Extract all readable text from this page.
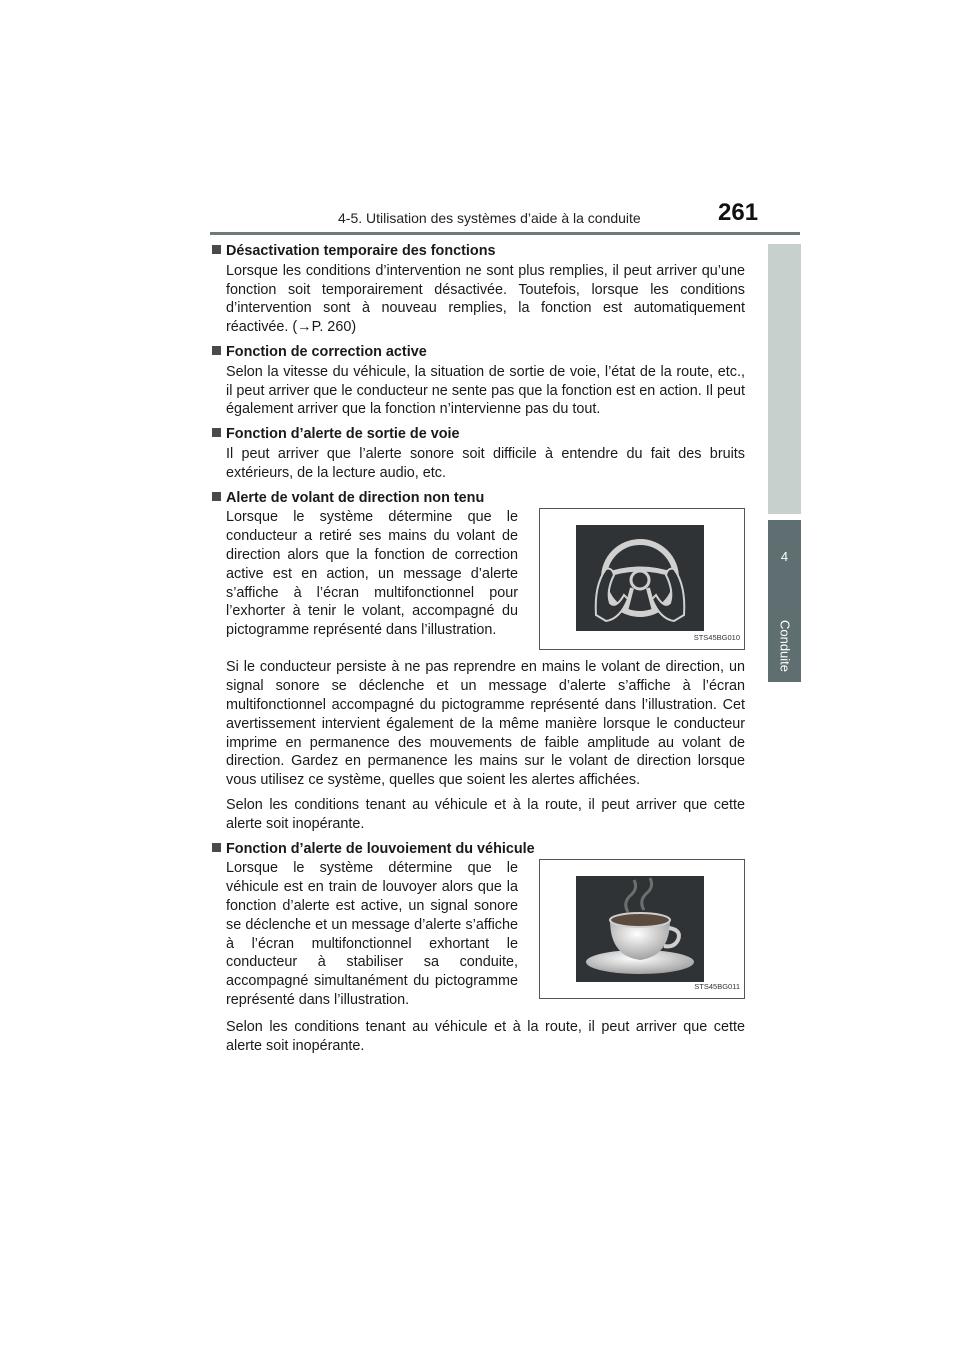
4-5. Utilisation des systèmes d’aide à la conduite	261
4
Conduite
Désactivation temporaire des fonctions

Lorsque les conditions d’intervention ne sont plus remplies, il peut arriver qu’une fonction soit temporairement désactivée. Toutefois, lorsque les conditions d’intervention sont à nouveau remplies, la fonction est automatiquement réactivée. (→P. 260)

Fonction de correction active

Selon la vitesse du véhicule, la situation de sortie de voie, l’état de la route, etc., il peut arriver que le conducteur ne sente pas que la fonction est en action. Il peut également arriver que la fonction n’intervienne pas du tout.

Fonction d’alerte de sortie de voie

Il peut arriver que l’alerte sonore soit difficile à entendre du fait des bruits extérieurs, de la lecture audio, etc.

Alerte de volant de direction non tenu

Lorsque le système détermine que le conducteur a retiré ses mains du volant de direction alors que la fonction de correction active est en action, un message d’alerte s’affiche à l’écran multifonctionnel pour l’exhorter à tenir le volant, accompagné du pictogramme représenté dans l’illustration.	STS45BG010

Si le conducteur persiste à ne pas reprendre en mains le volant de direction, un signal sonore se déclenche et un message d’alerte s’affiche à l’écran multifonctionnel accompagné du pictogramme représenté dans l’illustration. Cet avertissement intervient également de la même manière lorsque le conducteur imprime en permanence des mouvements de faible amplitude au volant de direction. Gardez en permanence les mains sur le volant de direction lorsque vous utilisez ce système, quelles que soient les alertes affichées.

Selon les conditions tenant au véhicule et à la route, il peut arriver que cette alerte soit inopérante.

Fonction d’alerte de louvoiement du véhicule

Lorsque le système détermine que le véhicule est en train de louvoyer alors que la fonction d’alerte est active, un signal sonore se déclenche et un message d’alerte s’affiche à l’écran multifonctionnel exhortant le conducteur à stabiliser sa conduite, accompagné simultanément du pictogramme représenté dans l’illustration.

STS45BG011

Selon les conditions tenant au véhicule et à la route, il peut arriver que cette alerte soit inopérante.
